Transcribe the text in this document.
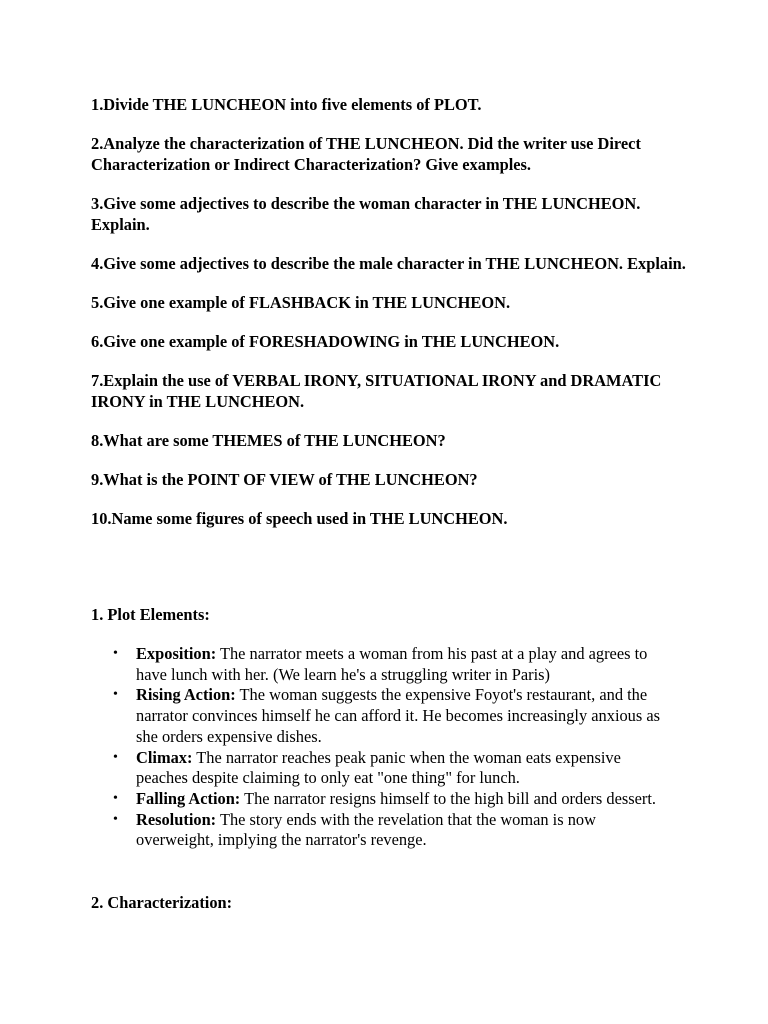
1.Divide THE LUNCHEON into five elements of PLOT.
2.Analyze the characterization of THE LUNCHEON. Did the writer use Direct Characterization or Indirect Characterization? Give examples.
3.Give some adjectives to describe the woman character in THE LUNCHEON. Explain.
4.Give some adjectives to describe the male character in THE LUNCHEON. Explain.
5.Give one example of FLASHBACK in THE LUNCHEON.
6.Give one example of FORESHADOWING in THE LUNCHEON.
7.Explain the use of VERBAL IRONY, SITUATIONAL IRONY and DRAMATIC IRONY in THE LUNCHEON.
8.What are some THEMES of THE LUNCHEON?
9.What is the POINT OF VIEW of THE LUNCHEON?
10.Name some figures of speech used in THE LUNCHEON.
1. Plot Elements:
• Exposition: The narrator meets a woman from his past at a play and agrees to have lunch with her. (We learn he's a struggling writer in Paris)
• Rising Action: The woman suggests the expensive Foyot's restaurant, and the narrator convinces himself he can afford it. He becomes increasingly anxious as she orders expensive dishes.
• Climax: The narrator reaches peak panic when the woman eats expensive peaches despite claiming to only eat "one thing" for lunch.
• Falling Action: The narrator resigns himself to the high bill and orders dessert.
• Resolution: The story ends with the revelation that the woman is now overweight, implying the narrator's revenge.
2. Characterization:
